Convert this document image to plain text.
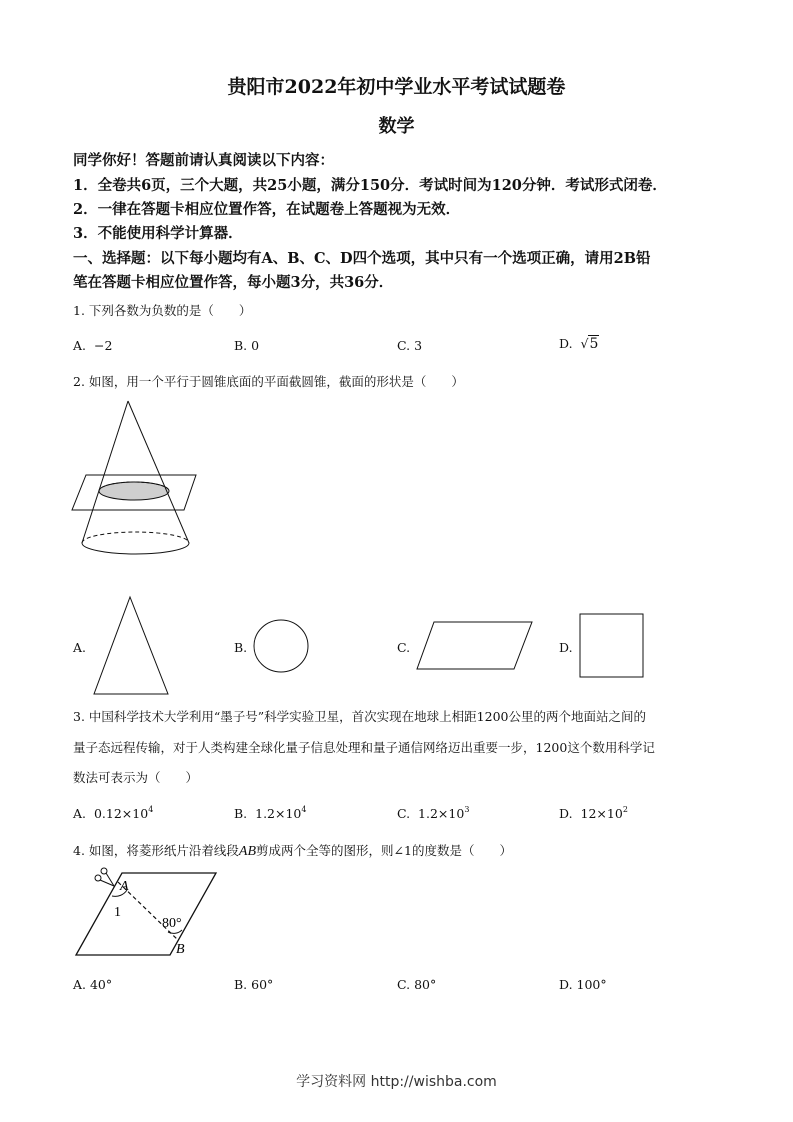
贵阳市2022年初中学业水平考试试题卷
数学
同学你好！答题前请认真阅读以下内容：
1．全卷共6页，三个大题，共25小题，满分150分．考试时间为120分钟．考试形式闭卷．
2．一律在答题卡相应位置作答，在试题卷上答题视为无效．
3．不能使用科学计算器．
一、选择题：以下每小题均有A、B、C、D四个选项，其中只有一个选项正确，请用2B铅
笔在答题卡相应位置作答，每小题3分，共36分．
1. 下列各数为负数的是（　　）
A. −2	B. 0	C. 3	D. √5
2. 如图，用一个平行于圆锥底面的平面截圆锥，截面的形状是（　　）
A.	B.	C.	D.
3. 中国科学技术大学利用“墨子号”科学实验卫星，首次实现在地球上相距1200公里的两个地面站之间的
量子态远程传输，对于人类构建全球化量子信息处理和量子通信网络迈出重要一步，1200这个数用科学记
数法可表示为（　　）
A. $0.12\times 10^4$	B. $1.2\times 10^4$	C. $1.2\times 10^3$	D. $12\times 10^2$
4. 如图，将菱形纸片沿着线段AB剪成两个全等的图形，则∠1的度数是（　　）
A
1
80°
B
A. 40°	B. 60°	C. 80°	D. 100°
学习资料网 http://wishba.com
